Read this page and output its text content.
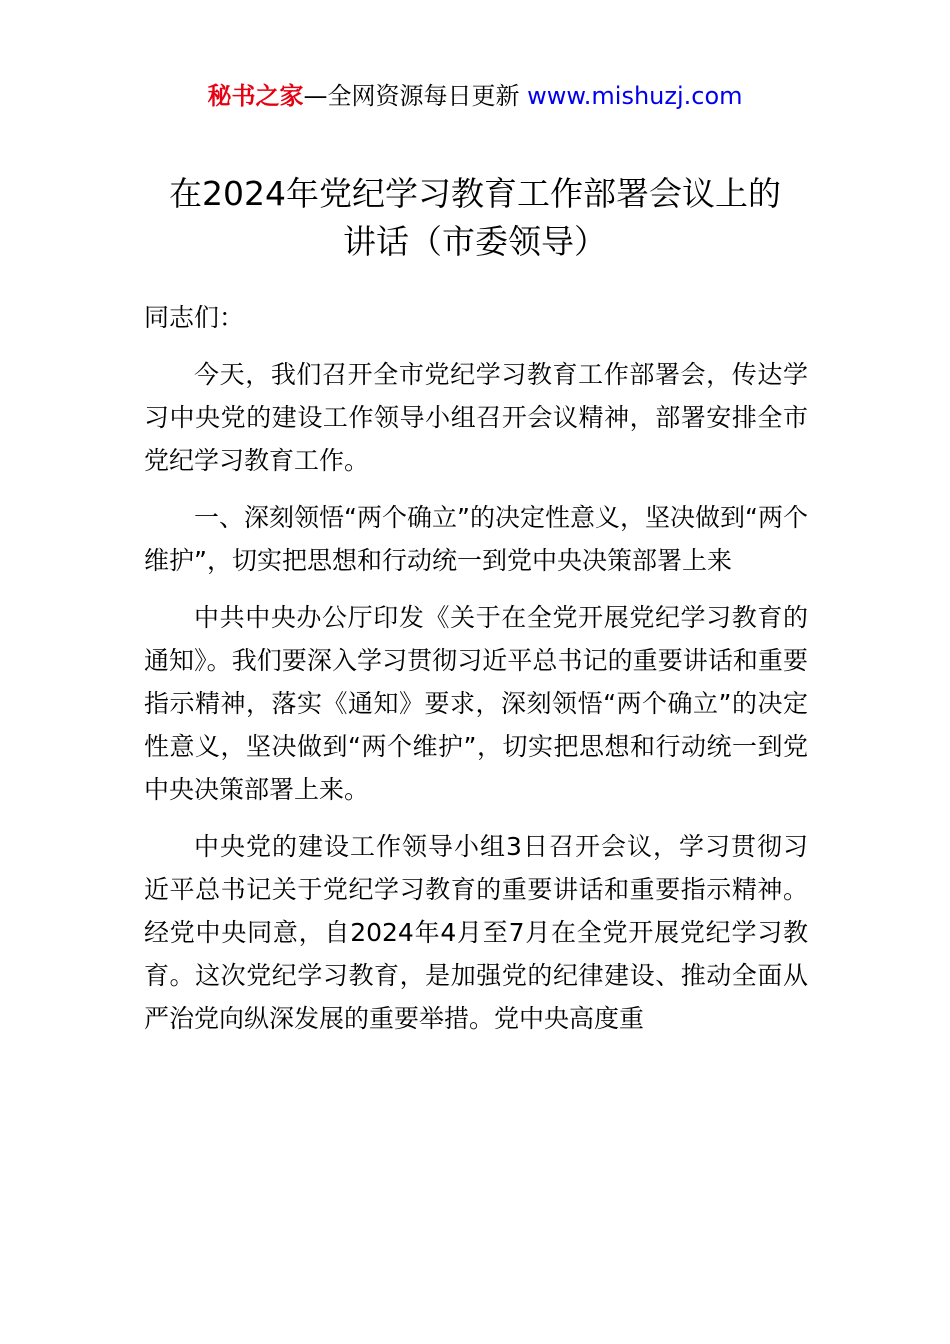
秘书之家—全网资源每日更新 www.mishuzj.com
在2024年党纪学习教育工作部署会议上的
讲话（市委领导）

同志们：

今天，我们召开全市党纪学习教育工作部署会，传达学习中央党的建设工作领导小组召开会议精神，部署安排全市党纪学习教育工作。

一、深刻领悟“两个确立”的决定性意义，坚决做到“两个维护”，切实把思想和行动统一到党中央决策部署上来

中共中央办公厅印发《关于在全党开展党纪学习教育的通知》。我们要深入学习贯彻习近平总书记的重要讲话和重要指示精神，落实《通知》要求，深刻领悟“两个确立”的决定性意义，坚决做到“两个维护”，切实把思想和行动统一到党中央决策部署上来。

中央党的建设工作领导小组3日召开会议，学习贯彻习近平总书记关于党纪学习教育的重要讲话和重要指示精神。经党中央同意，自2024年4月至7月在全党开展党纪学习教育。这次党纪学习教育，是加强党的纪律建设、推动全面从严治党向纵深发展的重要举措。党中央高度重
